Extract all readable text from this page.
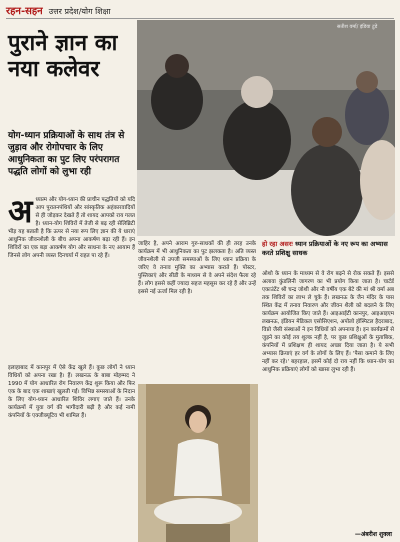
रहन-सहन उत्तर प्रदेश/योग शिक्षा
पुराने ज्ञान का नया कलेवर
योग-ध्यान प्रक्रियाओं के साथ तंत्र से जुड़ाव और रोगोपचार के लिए आधुनिकता का पुट लिए परंपरागत पद्धति लोगों को लुभा रही
सतीश वर्मा/ इंडिया टुडे
अ ध्यात्म और योग-ध्यान की प्राचीन पद्धतियों को यदि आप पुरातनपंथियों और सांस्कृतिक अहंकारवादियों से ही जोड़कर देखते हैं तो शायद आपको राय गलत है। ध्यान-योग शिविरों में तेजी से बढ़ रही सेलिब्रिटी भीड़ यह बताती है कि ऊपर से नया रूप लिए ज्ञान की ये धाराएं आधुनिक जीवनशैली के बीच अपना आकर्षण बढ़ा रही हैं। इन शिविरों का एक बड़ा आकर्षण योग और साधना के नए आयाम हैं जिनसे लोग अपनी व्यस्त दिनचर्या में राहत पा रहे हैं।
इलाहाबाद में कानपुर में ऐसे केंद्र खुले हैं। कुछ लोगों ने ध्यान विधियों को अपना रखा है। हैं। लखनऊ के बाबा मोहम्मद ने 1990 में योग आधारित रोग निवारण केंद्र शुरू किया और फिर एक के बाद एक शाखाएं खुलती गईं। विभिन्न समस्याओं के निदान के लिए योग-ध्यान आधारित शिविर लगाए जाते हैं। उनके कार्यक्रमों में युवा वर्ग की भागीदारी बढ़ी है और कई नामी कंपनियों के एक्जीक्यूटिव भी शामिल हैं।
जाहिर है, अपने आराम गुरु-साधकों की ही तरह उनके कार्यक्रम में भी आधुनिकता का पुट झलकता है। अति व्यस्त जीवनशैली से उपजी समस्याओं के लिए ध्यान प्रक्रिया के जरिए वे तनाव मुक्ति का अभ्यास कराते हैं। पोस्टर, पुस्तिकाएं और सीडी के माध्यम से वे अपने संदेश फैला रहे हैं। लोग इससे कहीं ज्यादा सहज महसूस कर रहे हैं और उन्हें इससे नई ऊर्जा मिल रही है।
हो रहा असरः ध्यान प्रक्रियाओं के नए रूप का अभ्यास करते प्रशिक्षु साधक
ओशो के ध्यान के माध्यम से वे रोग बढ़ने से रोक सकते हैं। इससे अलावा कुंडलिनी जागरण का भी प्रयोग किया जाता है। चार्टर्ड एकाउंटेंट श्री चन्द्र जोशी और नौ वर्षीय एक बेटे की मां श्री वर्मा अब तक शिविरों का लाभ ले चुके हैं। लखनऊ के जैन मंदिर के पास स्थित केंद्र में तनाव निवारण और जीवन शैली को बदलने के लिए कार्यक्रम आयोजित किए जाते हैं। आइआईटी कानपुर, आइआइएम लखनऊ, इंडियन मेडिकल एसोसिएशन, अपोलो हॉस्पिटल हैदराबाद, विप्रो जैसी संस्थाओं ने इन विधियों को अपनाया है। इन कार्यक्रमों से जुड़ने का कोई तय शुल्क नहीं है, पर कुछ प्रशिक्षुओं के मुताबिक, कंपनियों में प्रशिक्षण ही शायद अच्छा दिया जाता है। ये सभी अभ्यास क्रियाएं हर वर्ग के लोगों के लिए हैं। 'पैसा कमाने के लिए नहीं कर रहे।' बहरहाल, इसमें कोई दो राय नहीं कि ध्यान-योग का आधुनिक प्रक्रियाएं लोगों को खासा लुभा रही हैं।
—अंबरीश शुक्ला
